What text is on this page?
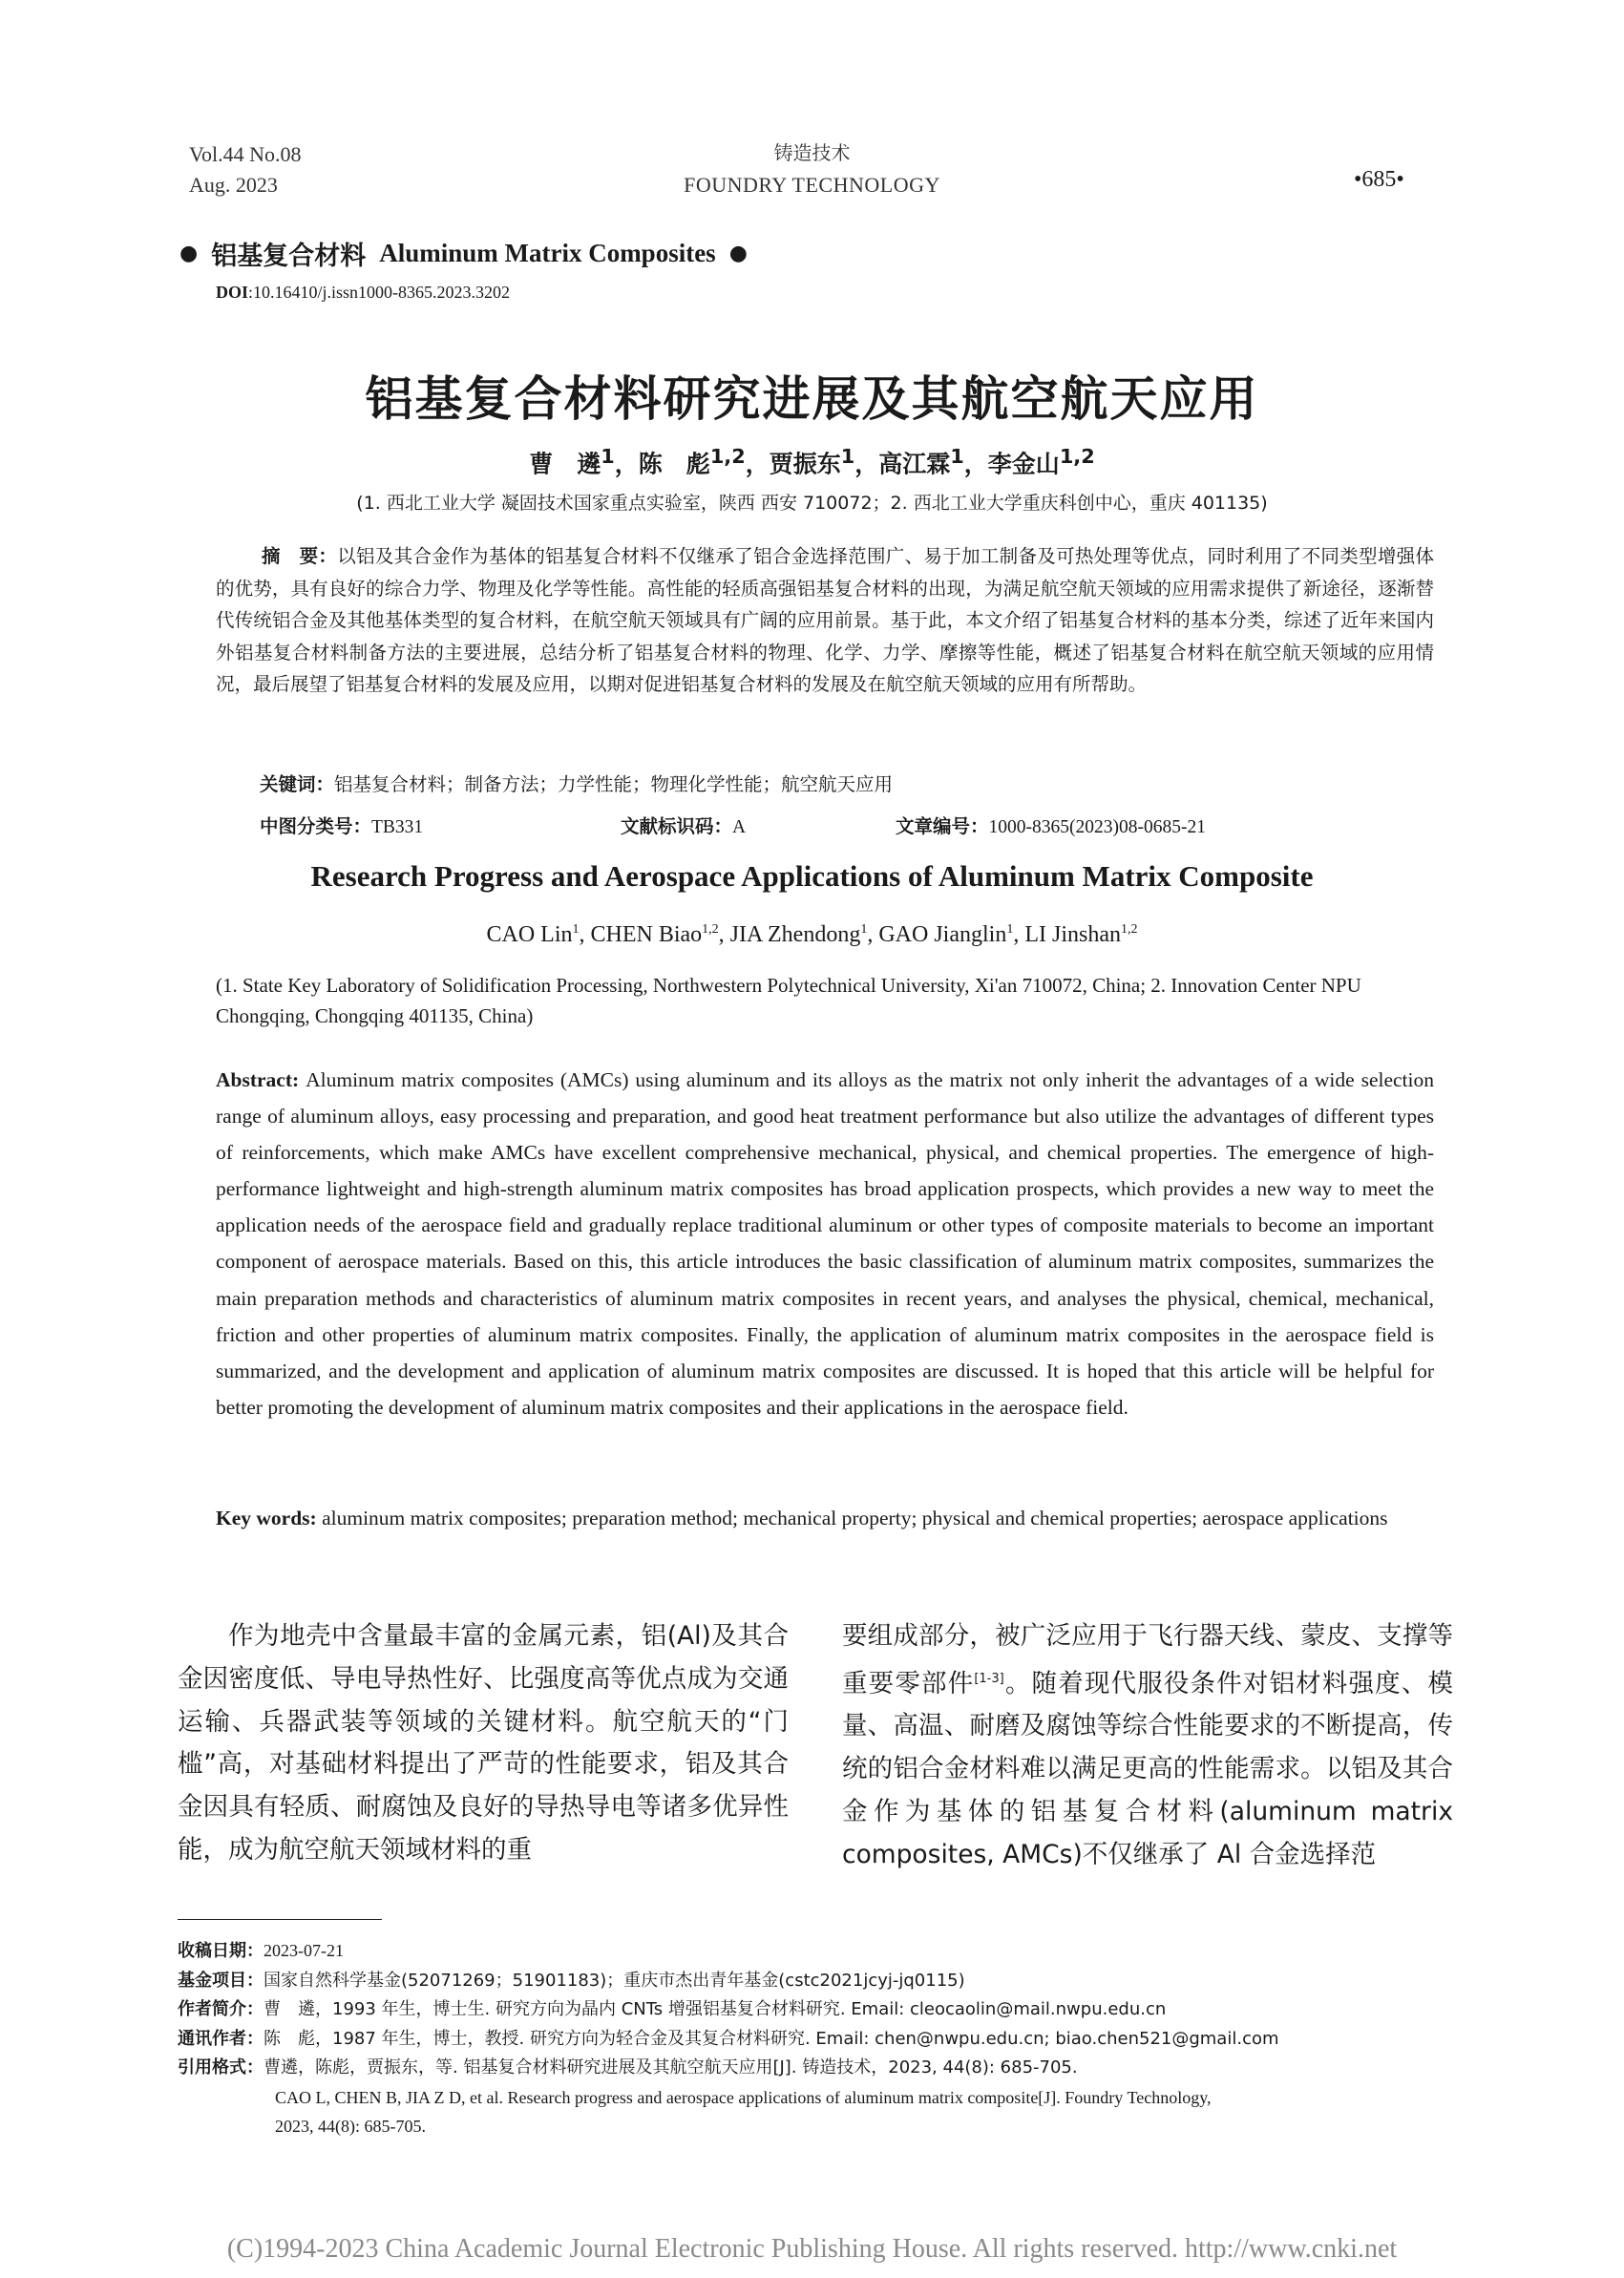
Vol.44 No.08
Aug. 2023
铸造技术
FOUNDRY TECHNOLOGY	•685•
● 铝基复合材料 Aluminum Matrix Composites ●
DOI:10.16410/j.issn1000-8365.2023.3202
铝基复合材料研究进展及其航空航天应用
曹　遴$^1$，陈　彪$^{1,2}$，贾振东$^1$，高江霖$^1$，李金山$^{1,2}$
(1. 西北工业大学 凝固技术国家重点实验室，陕西 西安 710072；2. 西北工业大学重庆科创中心，重庆 401135)
摘　要：以铝及其合金作为基体的铝基复合材料不仅继承了铝合金选择范围广、易于加工制备及可热处理等优点，同时利用了不同类型增强体的优势，具有良好的综合力学、物理及化学等性能。高性能的轻质高强铝基复合材料的出现，为满足航空航天领域的应用需求提供了新途径，逐渐替代传统铝合金及其他基体类型的复合材料，在航空航天领域具有广阔的应用前景。基于此，本文介绍了铝基复合材料的基本分类，综述了近年来国内外铝基复合材料制备方法的主要进展，总结分析了铝基复合材料的物理、化学、力学、摩擦等性能，概述了铝基复合材料在航空航天领域的应用情况，最后展望了铝基复合材料的发展及应用，以期对促进铝基复合材料的发展及在航空航天领域的应用有所帮助。
关键词：铝基复合材料；制备方法；力学性能；物理化学性能；航空航天应用
中图分类号：TB331	文献标识码：A	文章编号：1000-8365(2023)08-0685-21
Research Progress and Aerospace Applications of Aluminum Matrix Composite
CAO Lin$^1$, CHEN Biao$^{1,2}$, JIA Zhendong$^1$, GAO Jianglin$^1$, LI Jinshan$^{1,2}$
(1. State Key Laboratory of Solidification Processing, Northwestern Polytechnical University, Xi'an 710072, China; 2. Innovation Center NPU Chongqing, Chongqing 401135, China)
Abstract: Aluminum matrix composites (AMCs) using aluminum and its alloys as the matrix not only inherit the advantages of a wide selection range of aluminum alloys, easy processing and preparation, and good heat treatment performance but also utilize the advantages of different types of reinforcements, which make AMCs have excellent comprehensive mechanical, physical, and chemical properties. The emergence of high-performance lightweight and high-strength aluminum matrix composites has broad application prospects, which provides a new way to meet the application needs of the aerospace field and gradually replace traditional aluminum or other types of composite materials to become an important component of aerospace materials. Based on this, this article introduces the basic classification of aluminum matrix composites, summarizes the main preparation methods and characteristics of aluminum matrix composites in recent years, and analyses the physical, chemical, mechanical, friction and other properties of aluminum matrix composites. Finally, the application of aluminum matrix composites in the aerospace field is summarized, and the development and application of aluminum matrix composites are discussed. It is hoped that this article will be helpful for better promoting the development of aluminum matrix composites and their applications in the aerospace field.
Key words: aluminum matrix composites; preparation method; mechanical property; physical and chemical properties; aerospace applications
作为地壳中含量最丰富的金属元素，铝(Al)及其合金因密度低、导电导热性好、比强度高等优点成为交通运输、兵器武装等领域的关键材料。航空航天的“门槛”高，对基础材料提出了严苛的性能要求，铝及其合金因具有轻质、耐腐蚀及良好的导热导电等诸多优异性能，成为航空航天领域材料的重
要组成部分，被广泛应用于飞行器天线、蒙皮、支撑等重要零部件[1-3]。随着现代服役条件对铝材料强度、模量、高温、耐磨及腐蚀等综合性能要求的不断提高，传统的铝合金材料难以满足更高的性能需求。以铝及其合金作为基体的铝基复合材料(aluminum matrix composites, AMCs)不仅继承了 Al 合金选择范
收稿日期：2023-07-21
基金项目：国家自然科学基金(52071269；51901183)；重庆市杰出青年基金(cstc2021jcyj-jq0115)
作者简介：曹　遴，1993 年生，博士生. 研究方向为晶内 CNTs 增强铝基复合材料研究. Email: cleocaolin@mail.nwpu.edu.cn
通讯作者：陈　彪，1987 年生，博士，教授. 研究方向为轻合金及其复合材料研究. Email: chen@nwpu.edu.cn; biao.chen521@gmail.com
引用格式：曹遴，陈彪，贾振东，等. 铝基复合材料研究进展及其航空航天应用[J]. 铸造技术，2023, 44(8): 685-705.
CAO L, CHEN B, JIA Z D, et al. Research progress and aerospace applications of aluminum matrix composite[J]. Foundry Technology,
2023, 44(8): 685-705.
(C)1994-2023 China Academic Journal Electronic Publishing House. All rights reserved. http://www.cnki.net
